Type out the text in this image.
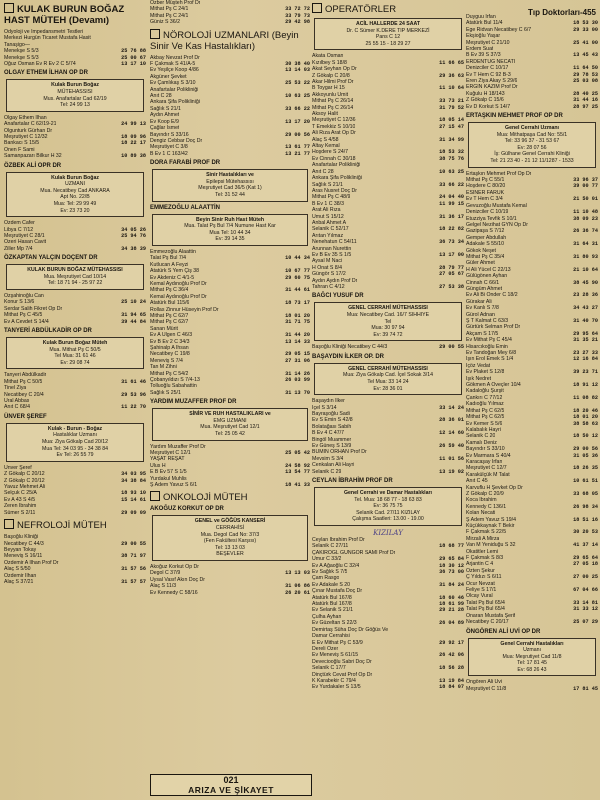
Tıp Doktorları-455
KULAK BURUN BOĞAZ HAST MÜTEH (Devamı)
Odyoloji ve İmpedansmetri Testleri
Merkezi Hurgün Ticaret Mustafa Hasit
Tanaşigo—
Menekşe S 5/3	25 76 88
Menekşe S 5/3	25 00 67
Oğuz Osman Ev R Ev 2 C 5/74	13 17 10
OLGAY ETHEM İLHAN OP DR
Kulak Burun Boğaz
MÜTEHASSISI
Mus. Anafartalar Cad 62/19
Tel: 24 99 13
Olgay Ethem İlhan
Anafartalar C 62/19-21	24 99 13
Olgunturk Gürhan Dr
Meşrutiyet C 12/32	18 09 96
Bankacı S 15/5	18 22 17
Önen F Sami
Samanpazarı Bilkur H 32	10 89 38
ÖZBEK ALİ OPR DR
Kulak Burun Boğaz
UZMANI
Mua. Necatibey Cad ANKARA
Apt No. 22/B
Mua: Tel: 29 99 49
Ev: 23 73 20
Özdem Cafer
Libya C 7/12	34 05 26
Meşrutiyet C 28/1	25 94 76
Özeri Hasan Cavit
Ziller Mp 7/4	34 38 39
ÖZKAPTAN YALÇIN DOÇENT DR
KULAK BURUN BOĞAZ MÜTEHASSISI
Mua. Meşrutiyet Cad 10/14
Tel: 18 71 94 - 25 97 22
Özşahinoğlu Can
Konur S 13/6	25 10 24
Serdar Salih Fikret Op Dr
Mithat Pş C 45/5	31 94 65
Ev A Cevdet S 14/4	39 44 84
TANYERİ ABDÜLKADİR OP DR
Kulak Burun Boğaz Müteh
Mua. Mithat Pş C 50/5
Tel Mua: 31 61 46
Ev: 29 08 74
Tanyeri Abdülkadir
Mithat Pş C 50/5	31 61 46
Tinel Ziya
Necatibey C 20/4	29 53 96
Ural Abbas
Anıt C 68/4	11 22 70
ÜNVER ŞEREF
Kulak - Burun - Boğaz
Hastalıklar Uzmanı
Mua: Ziya Gökalp Cad 20/12
Mua Tel: 34 03 95 - 34 38 84
Ev Tel: 26 55 79
Ünver Şeref
Z Gökalp C 20/12	34 03 95
Z Gökalp C 20/12	34 38 84
Yavuz Mehmet Ali
Selçuk C 25/A	18 93 10
Ev A 43 S 4/5	15 14 61
Zeren İbrahim
Sümer S 2/11	29 09 09
NEFROLOJİ MÜTEH
Başoğlu Kliniği
Necatibey C 44/3	29 00 55
Beyyan Tokay
Meneviş S 16/11	38 71 97
Özdemir A İlhan Prof Dr
Alaç S 5/50	31 57 56
Özdemir İlhan
Alaç S 37/21	31 57 57
Özber Müşteh Prof Dr
Mithat Pş C 24/1	33 72 72
Mithat Pş C 24/1	33 79 73
Güniz S 36/2	29 42 98
NÖROLOJİ UZMANLARI (Beyin Sinir Ve Kas Hastalıkları)
Akbay Nevzat Prof Dr
F Çakmak S 41/A-5	30 38 40
Ev Yeşilçe Koop 4/86	13 14 03
Akgüner Şevket
Ev Çamlıkaş S 3/10	25 53 22
Anafartalar Polikliniği
Anıt C 28	10 63 25
Ankara Şifa Polikliniği
Sağlık S 21/1	33 66 22
Aydın Ahmet
Ev Koop E/9	13 17 20
Çağlar İsmet
Bayındır S 33/16	29 00 56
Dengiz Cebbar Doç Dr
Meşrutiyet C 3/8	13 61 77
B Ev 1 C 163/42	13 21 77
DORA FARABİ PROF DR
Sinir Hastalıkları ve
Epilepsi Mütehassısı
Meşrutiyet Cad 36/5 (Kat 1)
Tel: 31 52 44
EMMEZOĞLU ALAATTİN
Beyin Sinir Ruh Hast Müteh
Mua. Talat Pş Bul 7/4 Numune Hast Kar
Mua Tel: 10 44 34
Ev: 39 14 35
Emmezoğlu Alaattin
Talat Pş Bul 7/4	10 44 34
Kutlucan A Feyzi
Atatürk S Yem Çiş 38	10 67 77
Ev Akdeniz C 4/1-5	29 60 75
Kemal Aydınoğlu Prof Dr
Mithat Pş C 36/4	31 44 61
Kemal Aydınoğlu Prof Dr
Atatürk Bul 115/6	18 73 17
Rollas Zinnur Hüseyin Prof Dr
Mithat Pş C 62/7	18 01 20
Mithat Pş C 62/7	31 71 75
Sanan Mürit
Ev A Ülgen C 46/3	31 44 20
Ev B Ev 2 C 34/3	13 14 33
Şahinalp A İhsan
Necatibey C 19/8	29 05 15
Meneviş S 7/4	27 31 06
Tan M Zihni
Mithat Pş C 54/2	31 14 26
Çobanyıldızı S 7/4-13	26 03 99
Tolluoğlu Sabahattin
Sağlık S 25/1	31 13 70
YARDIM MUZAFFER PROF DR
SİNİR VE RUH HASTALIKLARI ve
EMG UZMANI
Mua. Meşrutiyet Cad 12/1
Tel: 25 05 42
Yardım Muzaffer Prof Dr
Meşrutiyet C 12/1	25 05 42
YAŞAT REŞAT
Ulus H	24 58 92
E B Ev 57 S 1/5	13 54 77
Yurdakul Muhlis
Ş Adem Yavuz S 6/1	18 41 33
ONKOLOJİ MÜTEH
AKOĞUZ KORKUT OP DR
GENEL ve GÖĞÜS KANSERİ
CERRAHİSİ
Mua. Degol Cad No: 37/3
(Fen Fakültesi Karşısı)
Tel: 13 13 03
BEŞEVLER
Akoğuz Korkut Op Dr
Degol C 37/9	13 13 03
Uysal Vasıf Akın Doç Dr
Alaç S 11/3	31 06 86
Ev Kennedy C 58/16	26 20 61
021
ARIZA VE ŞİKAYET
OPERATÖRLER
ACİL HALLERDE 24 SAAT
Dr. C Sümer K.DERE TIP MERKEZİ
Pans C 12
25 55 15 - 18 29 27
Akata Osman
Kızılbey S 18/8	11 66 65
Akat Seyhan Op Dr
Z Gökalp C 20/8	29 36 63
Akar Hilmi Prof Dr
B Toygar H 15	11 10 64
Akkoyunlu Ümit
Mithat Pş C 26/14	33 73 21
Mithat Pş C 26/14	31 79 52
Aksoy Halit
Meşrutiyet C 12/36	18 05 14
T Emekkiz S 10/10	27 15 47
Ali Rıza Arat Op Dr
Alaç S 4/58	31 34 99
Altay Kemal
Hoşdere S 24/7	18 53 32
Ev Cinnah C 30/18	38 75 76
Anafartalar Polikliniği
Anıt C 28	10 63 25
Ankara Şifa Polikliniği
Sağlık S 21/1	33 66 22
Aras Nusret Doç Dr
Mithat Pş C 48/9	24 04 40
B Ev 1 C 38/3	11 99 15
Arat Ali Rıza
Umut S 15/12	31 36 17
Anbal Ahmet A
Selanik C 52/17	18 22 82
Arıtan Yılmaz
Nenehatun C 54/11	36 73 34
Arunnan Nurettin
Ev B Ev 35 S 1/5	13 17 00
Aysal M Naci
H Onat S 8/4	28 79 77
Güngör S 17/2	27 05 67
Aydın Aydın Prof Dr
Tahran C 4/12	27 53 38
BAĞCI YUSUF DR
GENEL CERRAHİ MÜTEHASSISI
Mua: Necatibey Cad. 16/7 SIHHIYE
Tel
Mua: 30 97 94
Ev: 39 74 72
Başoğlu Kliniği Necatibey C 44/3	29 00 55
BAŞAYDIN İLKER OP. DR
GENEL CERRAHİ MÜTEHASSISI
Mua: Ziya Gökalp Cad. İçel Sokak 3/14
Tel Mua: 33 14 24
Ev: 28 36 01
Başaydın İlker
İçel S 3/14	33 14 24
Bayraşoğlu Sadi
Ev S Emin S 42/8	28 36 01
Bolatağası Sabih
B Ev 4 C 47/7	12 14 60
Bingöl Muammer
Ev Güneş S 13/9	26 59 40
BUMİN ORHAN Prof Dr
Mevsim S 3/4	11 01 56
Cenkalan Ali Hayri
Selanik C 29	13 19 02
CEYLAN İBRAHİM PROF DR
Genel Cerrahi ve Damar Hastalıkları
Tel. Mua: 18 68 77 - 18 63 83
Ev: 36 75 75
Selanik Cad. 27/11 KIZILAY
Çalışma Saatleri: 13.00 - 19.00
KIZILAY
Ceylan İbrahim Prof Dr
Selanik C 27/11	18 68 77
ÇAKIROĞL GÜNGÖR SAMİ Prof Dr
Umur C 33/2	29 65 84
Ev A Ağaoğlu C 32/4	18 30 12
Ev Sağlık S 7/5	36 73 00
Çam Rasgo
Ev Adakale S 20	31 84 24
Çınar Mustafa Doç Dr
Atatürk Bul 167/8	18 60 46
Atatürk Bul 167/8	18 61 99
Ev Selanik S 21/1	29 21 28
Çulha Ayhan
Ev Güzeltan S 22/3	26 04 89
Demirtaş Süha Doç Dr Göğüs Ve
Damar Cerrahisi
E Ev Mithat Pş C 53/9	29 92 17
Dereli Özer
Ev Meneviş S 61/15	26 42 06
Deveciooğlu Sabri Doç Dr
Selanik C 17/7	18 56 28
Dinçtürk Cevat Prof Op Dr
K Karabekir C 79/4	13 19 84
Ev Yurdakaler S 13/5	18 84 07
Duyguu İrfan
Atatürk Bul 11/4	18 53 30
Ege Ridvan Necatibey C 6/7	29 33 00
Ekşioğlu Yaşar
Meşrutiyet C 21/10	25 41 00
Erdem Suat
B Ev 39 S 37/3	13 45 43
ERDENTUĞ NECATİ
Denizciler C 10/17	11 64 50
Ev T Hem C 92 B-3	29 78 53
Eren Ziya Akay S 29/6	25 03 08
ERGİN KAZIM Prof Dr
Kuğulu H 18/143	28 40 25
Z Gökalp C 15/6	31 44 16
Ev D Korkut S 14/7	28 97 25
ERTAŞKIN MEHMET PROF OP DR
Genel Cerrahi Uzmanı
Mua: Mithatpaşa Cad No: 55/1
Tel: 33 96 37 - 31 53 67
Ev: 28 07 56
İş: Gülhane Genel Cerrahi Kliniği
Tel: 21 23 40 - 21 12 11/1287 - 1533
Ertaşkın Mehmet Prof Op Dr
Mithat Pş C 55/1	33 96 37
Hoşdere C 80/20	39 00 77
ESİNER FARUK
Ev T Hem C 3/4	21 50 01
Gevuzoğlu Mustafa Kemal
Denizciler C 10/19	11 10 48
Etuzziya Tevfik S 10/1	38 09 23
Gelgel Nezihat GYN Op Dr
Gazipaşa S 7/12	26 36 74
Gemper Abdullah
Adakale S 55/10	31 64 31
Gökok Neşet
Mithat Pş C 35/4	31 80 93
Güler Ahmet
H Ali Yücel C 22/13	21 10 64
Gülügönen Ayhan
Cinnah C 66/1	38 45 90
Güngüm Ahmet
Ev Ali Bi Onder C 18/2	23 28 36
Gürakar Ali
Ev Kanlı S 7/8	34 43 27
Gürol Adnan
Ş T Kalmat C 63/3	31 40 70
Gürtürk Selman Prof Dr
Akçam S 17/5	29 95 64
Ev Mithat Pş C 45/4	31 35 21
Hisarcıkoğlu Emin
Ev Tandoğan Mey 6/8	23 27 33
Işın Erol Emek S 1/4	12 16 84
İçöz Vedat
Ev Plaket S 12/8	39 23 71
İşık Nedret
Gökmen A Öveçler 10/4	18 91 12
Kadaloğlu Şurşit
Çankırı C 77/12	11 08 82
Kadıoğlu Yılmaz
Mithat Pş C 62/5	18 20 46
Mithat Pş C 62/5	18 01 20
Ev Kemer S 5/6	38 58 63
Kalabalık Hayri
Selanik C 20	18 50 12
Kamalı Deniz
Bayındır S 33/10	29 00 56
Ev Marmara S 40/4	31 05 36
Karacaşay İrfan
Meşrutiyet C 12/7	18 26 35
Karakülçük M Talat
Anıt C 45	10 61 51
Karvuflu H Şevket Op Dr
Z Gökalp C 20/9	33 68 05
Koca İbrahim
Kennedy C 136/1	26 98 34
Kolan Necati
Ş Adem Yavuz S 19/4	18 51 16
Küçükkaynak T Bekir
F Çakmak S 22/5	30 20 53
Mirzali A Mirza
Van M Yeniduğu S 32	41 37 14
Okatitler Lemi
F Çakmak S 8/3	29 65 64
Arjantin C 4	27 05 18
Özten Şekur
Ç Yıldızı S 6/11	27 00 25
Öcur Nevzat
Feliye S 17/1	67 04 66
Olcay Vural
Talat Pş Bul 65/4	33 14 81
Talat Pş Bul 65/4	31 33 12
Onaran Mustafa Şerif
Necatibey C 20/17	25 07 29
ÖNGÖREN ALİ UVİ OP DR
Genel Cerrahi Hastalıkları
Uzmanı
Mua: Meşrutiyet Cad 11/8
Tel: 17 81 45
Ev: 68 26 43
Öngören Ali Uvi
Meşrutiyet C 11/8	17 81 45
